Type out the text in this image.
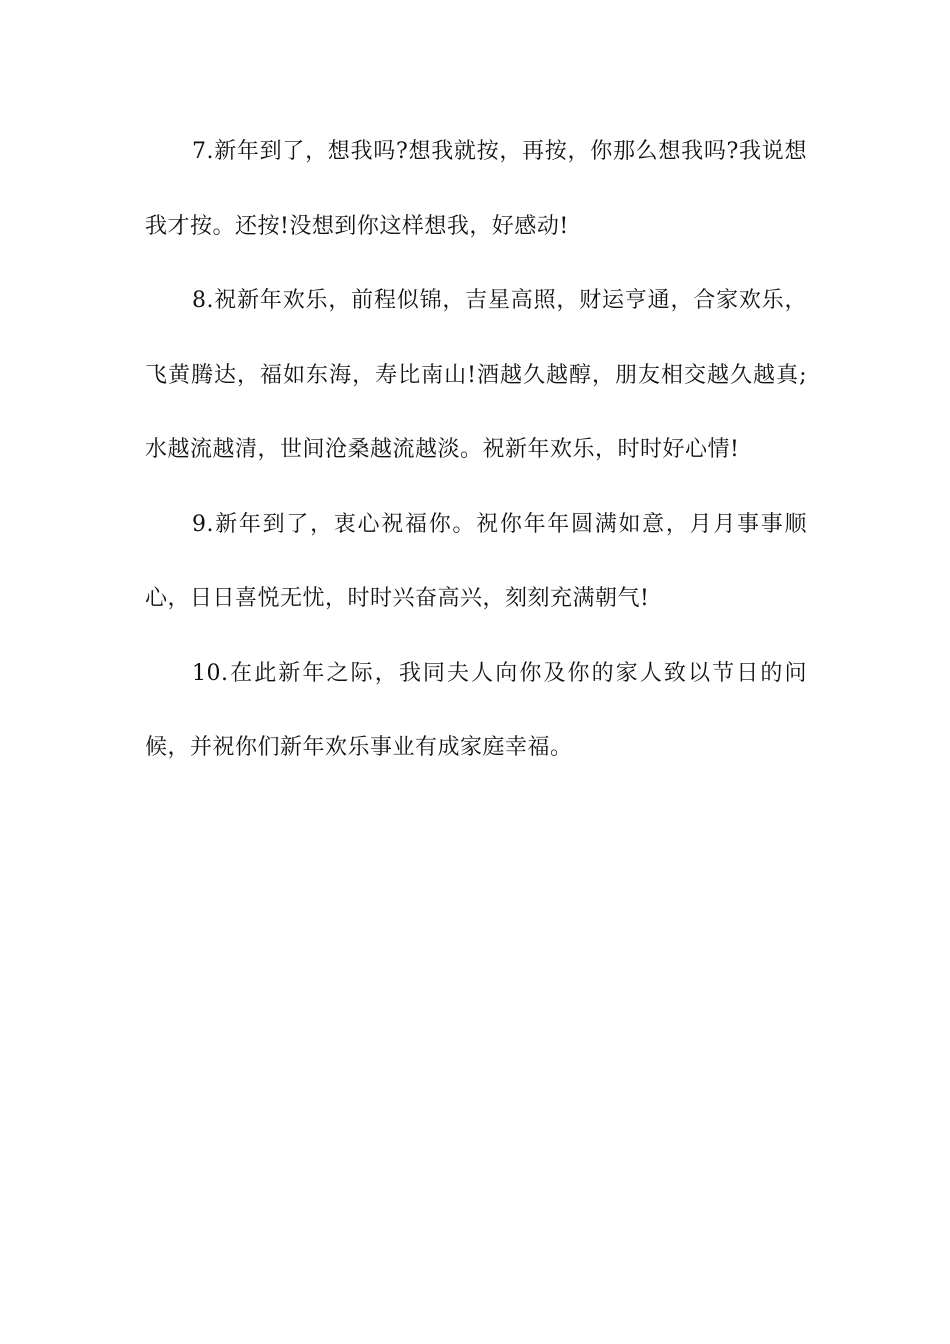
7.新年到了，想我吗?想我就按，再按，你那么想我吗?我说想我才按。还按!没想到你这样想我，好感动!

8.祝新年欢乐，前程似锦，吉星高照，财运亨通，合家欢乐，飞黄腾达，福如东海，寿比南山!酒越久越醇，朋友相交越久越真;水越流越清，世间沧桑越流越淡。祝新年欢乐，时时好心情!

9.新年到了，衷心祝福你。祝你年年圆满如意，月月事事顺心，日日喜悦无忧，时时兴奋高兴，刻刻充满朝气!

10.在此新年之际，我同夫人向你及你的家人致以节日的问候，并祝你们新年欢乐事业有成家庭幸福。
